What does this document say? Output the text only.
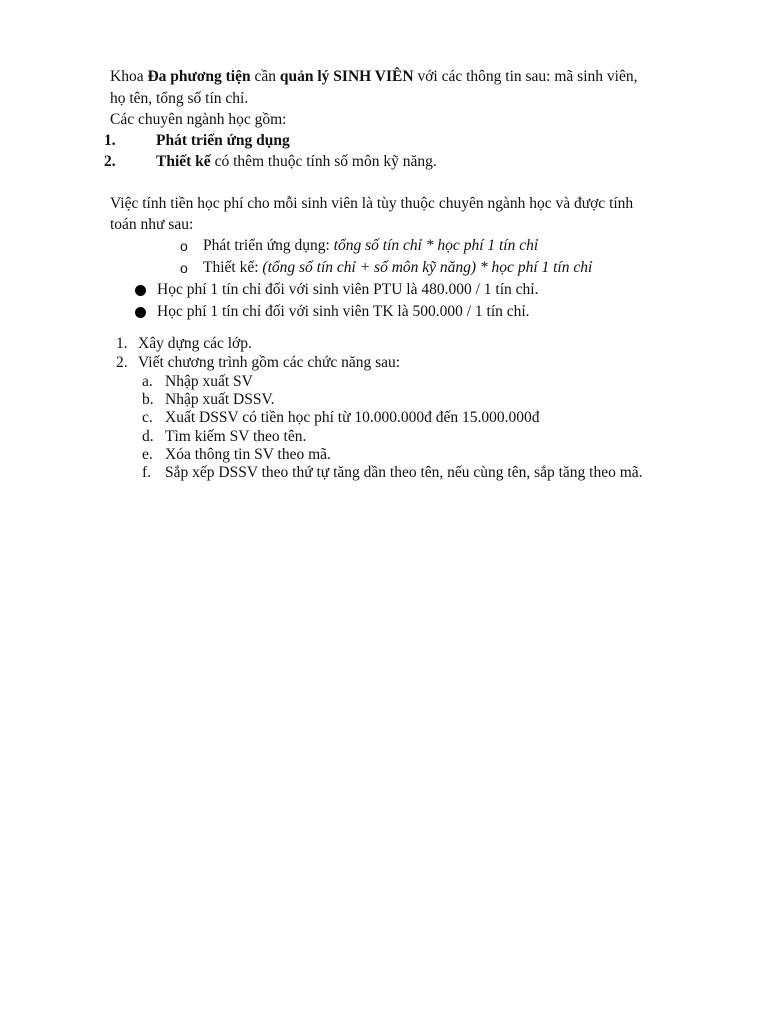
Khoa Đa phương tiện cần quản lý SINH VIÊN với các thông tin sau: mã sinh viên,
họ tên, tổng số tín chỉ.
Các chuyên ngành học gồm:
1.	Phát triển ứng dụng
2.	Thiết kế có thêm thuộc tính số môn kỹ năng.
Việc tính tiền học phí cho mỗi sinh viên là tùy thuộc chuyên ngành học và được tính
toán như sau:
o Phát triển ứng dụng: tổng số tín chỉ * học phí 1 tín chỉ
o Thiết kế: (tổng số tín chỉ + số môn kỹ năng) * học phí 1 tín chỉ
Học phí 1 tín chỉ đối với sinh viên PTU là 480.000 / 1 tín chỉ.
Học phí 1 tín chỉ đối với sinh viên TK là 500.000 / 1 tín chỉ.
1. Xây dựng các lớp.
2. Viết chương trình gồm các chức năng sau:
a. Nhập xuất SV
b. Nhập xuất DSSV.
c. Xuất DSSV có tiền học phí từ 10.000.000đ đến 15.000.000đ
d. Tìm kiếm SV theo tên.
e. Xóa thông tin SV theo mã.
f. Sắp xếp DSSV theo thứ tự tăng dần theo tên, nếu cùng tên, sắp tăng theo mã.
